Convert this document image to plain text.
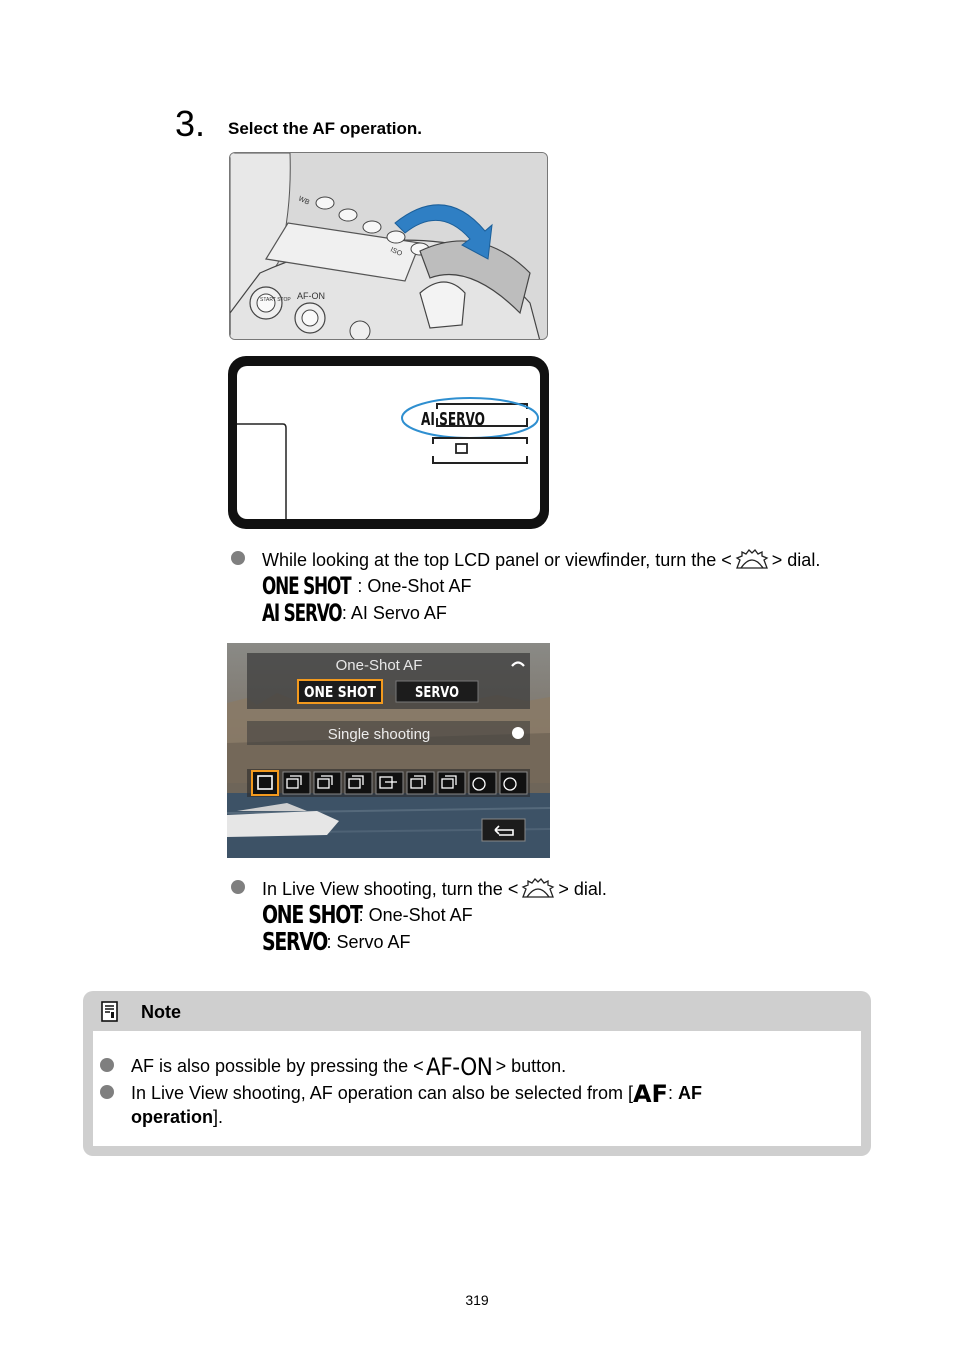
3. Select the AF operation.
WB
ISO
START STOP AF-ON
AI SERVO
While looking at the top LCD panel or viewfinder, turn the < > dial.
ONE SHOT : One-Shot AF
AI SERVO: AI Servo AF
One-Shot AF
ONE SHOT	SERVO
Single shooting
In Live View shooting, turn the < > dial.
ONE SHOT: One-Shot AF
SERVO: Servo AF
Note
AF is also possible by pressing the <AF-ON > button.
In Live View shooting, AF operation can also be selected from [AF: AF operation].
319
